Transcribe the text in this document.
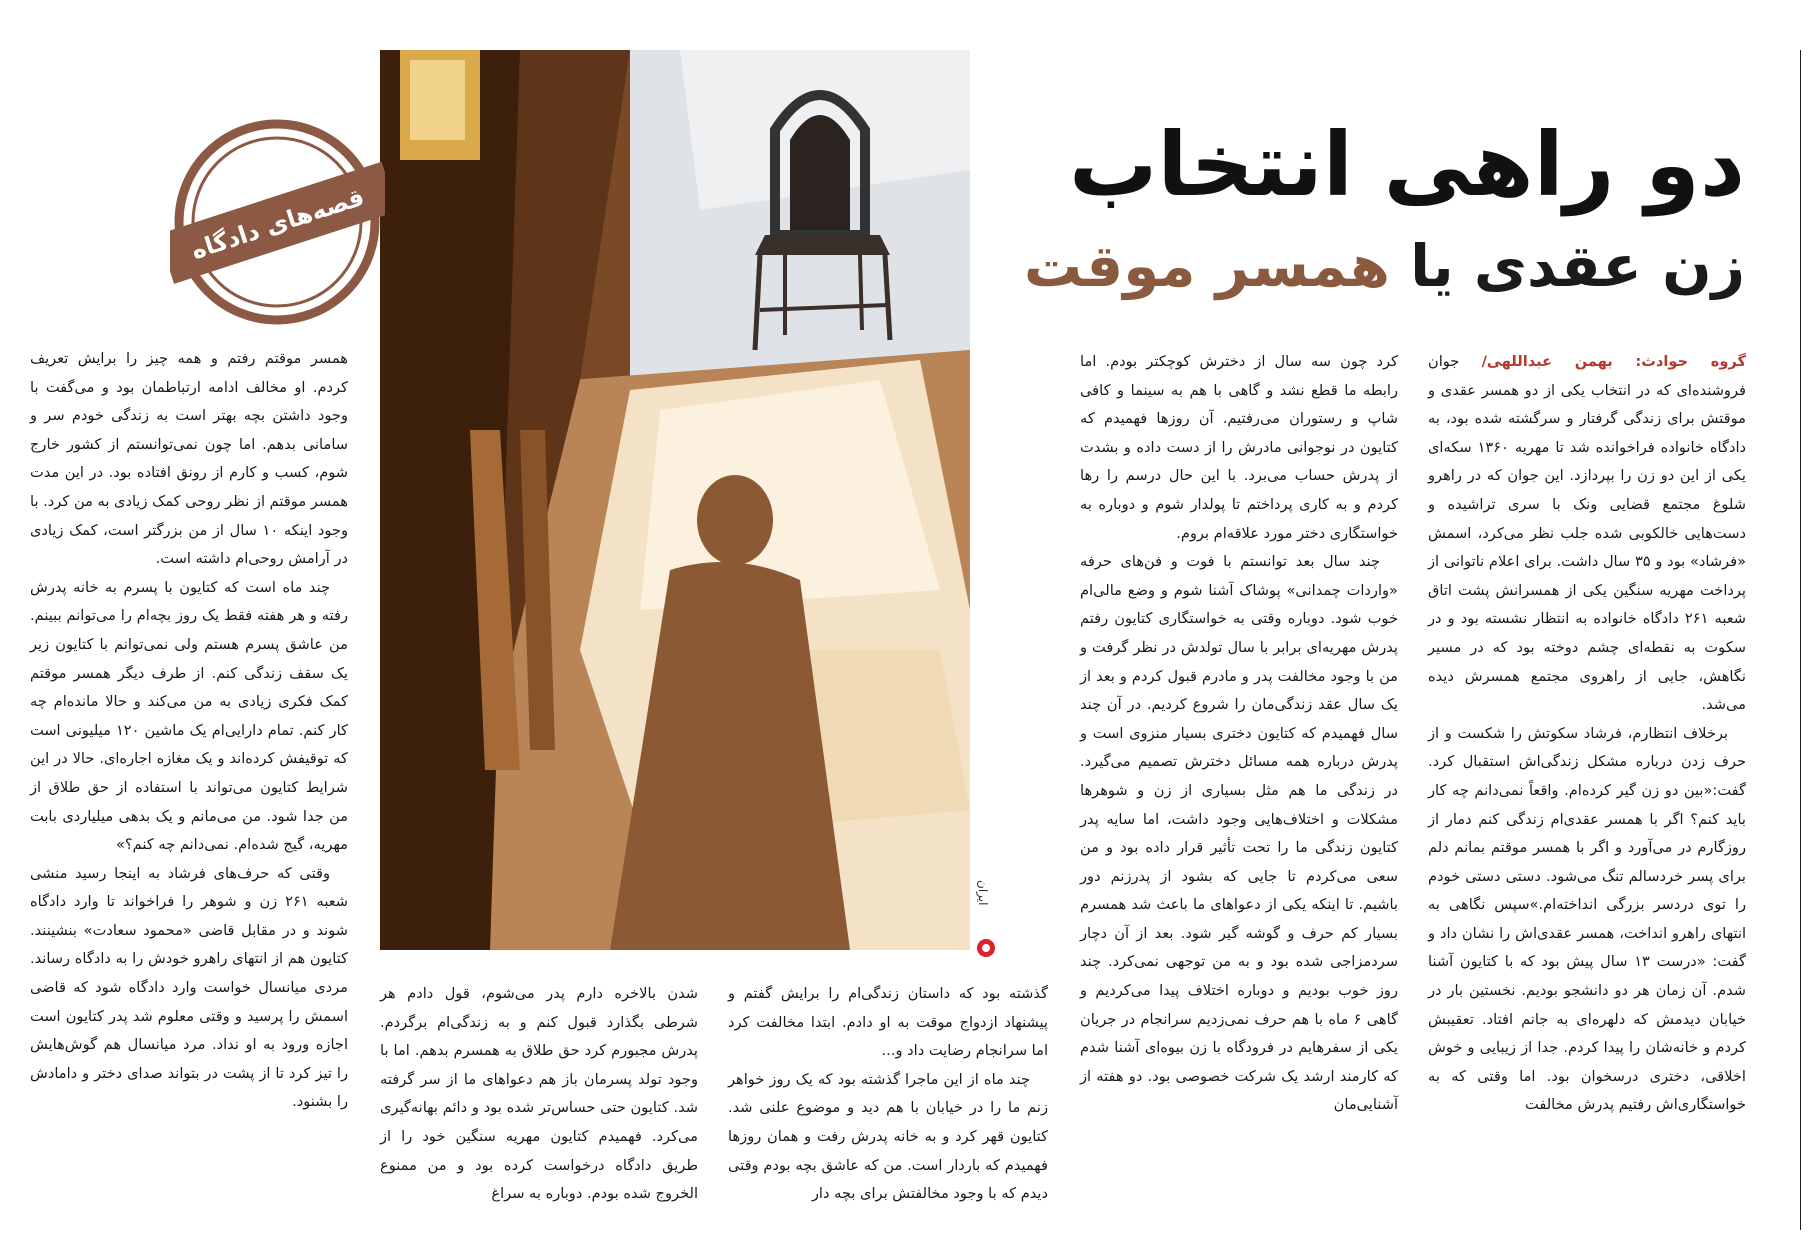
دو راهی انتخاب
زن عقدی یا همسر موقت

گروه حوادث: بهمن عبداللهی/ جوان فروشنده‌ای که در انتخاب یکی از دو همسر عقدی و موقتش برای زندگی گرفتار و سرگشته شده بود، به دادگاه خانواده فراخوانده شد تا مهریه ۱۳۶۰ سکه‌ای یکی از این دو زن را بپردازد. این جوان که در راهرو شلوغ مجتمع قضایی ونک با سری تراشیده و دست‌هایی خالکوبی شده جلب نظر می‌کرد، اسمش «فرشاد» بود و ۳۵ سال داشت. برای اعلام ناتوانی از پرداخت مهریه سنگین یکی از همسرانش پشت اتاق شعبه ۲۶۱ دادگاه خانواده به انتظار نشسته بود و در سکوت به نقطه‌ای چشم دوخته بود که در مسیر نگاهش، جایی از راهروی مجتمع همسرش دیده می‌شد.

برخلاف انتظارم، فرشاد سکوتش را شکست و از حرف زدن درباره مشکل زندگی‌اش استقبال کرد. گفت:«بین دو زن گیر کرده‌ام. واقعاً نمی‌دانم چه کار باید کنم؟ اگر با همسر عقدی‌ام زندگی کنم دمار از روزگارم در می‌آورد و اگر با همسر موقتم بمانم دلم برای پسر خردسالم تنگ می‌شود. دستی دستی خودم را توی دردسر بزرگی انداخته‌ام.»سپس نگاهی به انتهای راهرو انداخت، همسر عقدی‌اش را نشان داد و گفت: «درست ۱۳ سال پیش بود که با کتایون آشنا شدم. آن زمان هر دو دانشجو بودیم. نخستین بار در خیابان دیدمش که دلهره‌ای به جانم افتاد. تعقیبش کردم و خانه‌شان را پیدا کردم. جدا از زیبایی و خوش اخلاقی، دختری درسخوان بود. اما وقتی که به خواستگاری‌اش رفتیم پدرش مخالفت

کرد چون سه سال از دخترش کوچکتر بودم. اما رابطه ما قطع نشد و گاهی با هم به سینما و کافی شاپ و رستوران می‌رفتیم. آن روزها فهمیدم که کتایون در نوجوانی مادرش را از دست داده و بشدت از پدرش حساب می‌برد. با این حال درسم را رها کردم و به کاری پرداختم تا پولدار شوم و دوباره به خواستگاری دختر مورد علاقه‌ام بروم.

چند سال بعد توانستم با فوت و فن‌های حرفه «واردات چمدانی» پوشاک آشنا شوم و وضع مالی‌ام خوب شود. دوباره وقتی به خواستگاری کتایون رفتم پدرش مهریه‌ای برابر با سال تولدش در نظر گرفت و من با وجود مخالفت پدر و مادرم قبول کردم و بعد از یک سال عقد زندگی‌مان را شروع کردیم. در آن چند سال فهمیدم که کتایون دختری بسیار منزوی است و پدرش درباره همه مسائل دخترش تصمیم می‌گیرد. در زندگی ما هم مثل بسیاری از زن و شوهرها مشکلات و اختلاف‌هایی وجود داشت، اما سایه پدر کتایون زندگی ما را تحت تأثیر قرار داده بود و من سعی می‌کردم تا جایی که بشود از پدرزنم دور باشیم. تا اینکه یکی از دعواهای ما باعث شد همسرم بسیار کم حرف و گوشه گیر شود. بعد از آن دچار سردمزاجی شده بود و به من توجهی نمی‌کرد. چند روز خوب بودیم و دوباره اختلاف پیدا می‌کردیم و گاهی ۶ ماه با هم حرف نمی‌زدیم سرانجام در جریان یکی از سفرهایم در فرودگاه با زن بیوه‌ای آشنا شدم که کارمند ارشد یک شرکت خصوصی بود. دو هفته از آشنایی‌مان

گذشته بود که داستان زندگی‌ام را برایش گفتم و پیشنهاد ازدواج موقت به او دادم. ابتدا مخالفت کرد اما سرانجام رضایت داد و...

چند ماه از این ماجرا گذشته بود که یک روز خواهر زنم ما را در خیابان با هم دید و موضوع علنی شد. کتایون قهر کرد و به خانه پدرش رفت و همان روزها فهمیدم که باردار است. من که عاشق بچه بودم وقتی دیدم که با وجود مخالفتش برای بچه دار

شدن بالاخره دارم پدر می‌شوم، قول دادم هر شرطی بگذارد قبول کنم و به زندگی‌ام برگردم. پدرش مجبورم کرد حق طلاق به همسرم بدهم. اما با وجود تولد پسرمان باز هم دعواهای ما از سر گرفته شد. کتایون حتی حساس‌تر شده بود و دائم بهانه‌گیری می‌کرد. فهمیدم کتایون مهریه سنگین خود را از طریق دادگاه درخواست کرده بود و من ممنوع الخروج شده بودم. دوباره به سراغ

همسر موقتم رفتم و همه چیز را برایش تعریف کردم. او مخالف ادامه ارتباطمان بود و می‌گفت با وجود داشتن بچه بهتر است به زندگی خودم سر و سامانی بدهم. اما چون نمی‌توانستم از کشور خارج شوم، کسب و کارم از رونق افتاده بود. در این مدت همسر موقتم از نظر روحی کمک زیادی به من کرد. با وجود اینکه ۱۰ سال از من بزرگتر است، کمک زیادی در آرامش روحی‌ام داشته است.

چند ماه است که کتایون با پسرم به خانه پدرش رفته و هر هفته فقط یک روز بچه‌ام را می‌توانم ببینم. من عاشق پسرم هستم ولی نمی‌توانم با کتایون زیر یک سقف زندگی کنم. از طرف دیگر همسر موقتم کمک فکری زیادی به من می‌کند و حالا مانده‌ام چه کار کنم. تمام دارایی‌ام یک ماشین ۱۲۰ میلیونی است که توقیفش کرده‌اند و یک مغازه اجاره‌ای. حالا در این شرایط کتایون می‌تواند با استفاده از حق طلاق از من جدا شود. من می‌مانم و یک بدهی میلیاردی بابت مهریه، گیج شده‌ام. نمی‌دانم چه کنم؟»

وقتی که حرف‌های فرشاد به اینجا رسید منشی شعبه ۲۶۱ زن و شوهر را فراخواند تا وارد دادگاه شوند و در مقابل قاضی «محمود سعادت» بنشینند. کتایون هم از انتهای راهرو خودش را به دادگاه رساند. مردی میانسال خواست وارد دادگاه شود که قاضی اسمش را پرسید و وقتی معلوم شد پدر کتایون است اجازه ورود به او نداد. مرد میانسال هم گوش‌هایش را تیز کرد تا از پشت در بتواند صدای دختر و دامادش را بشنود.

ایران
قصه‌های دادگاه
